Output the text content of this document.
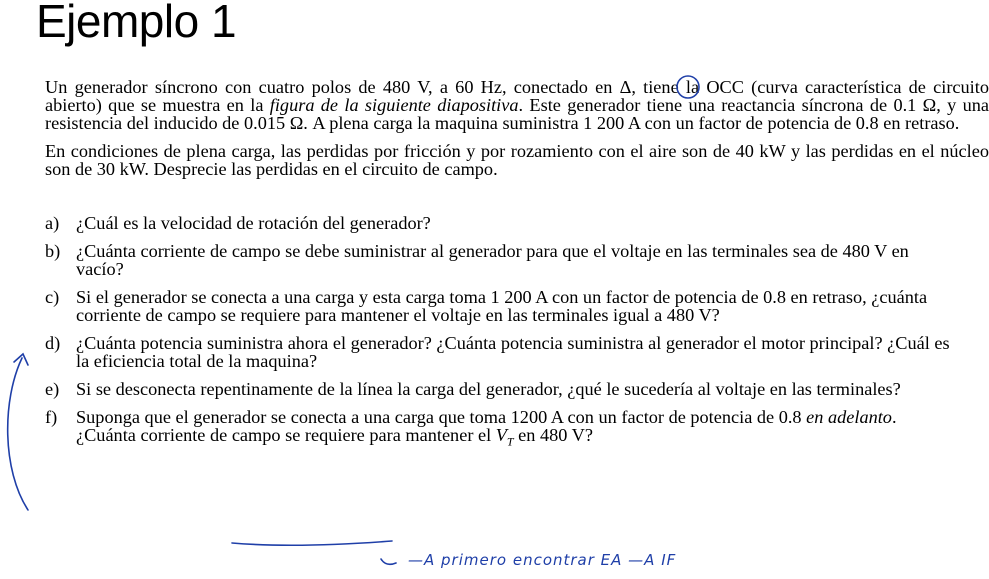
Ejemplo 1

Un generador síncrono con cuatro polos de 480 V, a 60 Hz, conectado en Δ, tiene la OCC (curva característica de circuito abierto) que se muestra en la figura de la siguiente diapositiva. Este generador tiene una reactancia síncrona de 0.1 Ω, y una resistencia del inducido de 0.015 Ω. A plena carga la maquina suministra 1 200 A con un factor de potencia de 0.8 en retraso.

En condiciones de plena carga, las perdidas por fricción y por rozamiento con el aire son de 40 kW y las perdidas en el núcleo son de 30 kW. Desprecie las perdidas en el circuito de campo.

a) ¿Cuál es la velocidad de rotación del generador?
b) ¿Cuánta corriente de campo se debe suministrar al generador para que el voltaje en las terminales sea de 480 V en vacío?
c) Si el generador se conecta a una carga y esta carga toma 1 200 A con un factor de potencia de 0.8 en retraso, ¿cuánta corriente de campo se requiere para mantener el voltaje en las terminales igual a 480 V?
d) ¿Cuánta potencia suministra ahora el generador? ¿Cuánta potencia suministra al generador el motor principal? ¿Cuál es la eficiencia total de la maquina?
e) Si se desconecta repentinamente de la línea la carga del generador, ¿qué le sucedería al voltaje en las terminales?
f)	Suponga que el generador se conecta a una carga que toma 1200 A con un factor de potencia de 0.8 en adelanto. ¿Cuánta corriente de campo se requiere para mantener el $V_T$ en 480 V?
—A primero encontrar EA —A IF
